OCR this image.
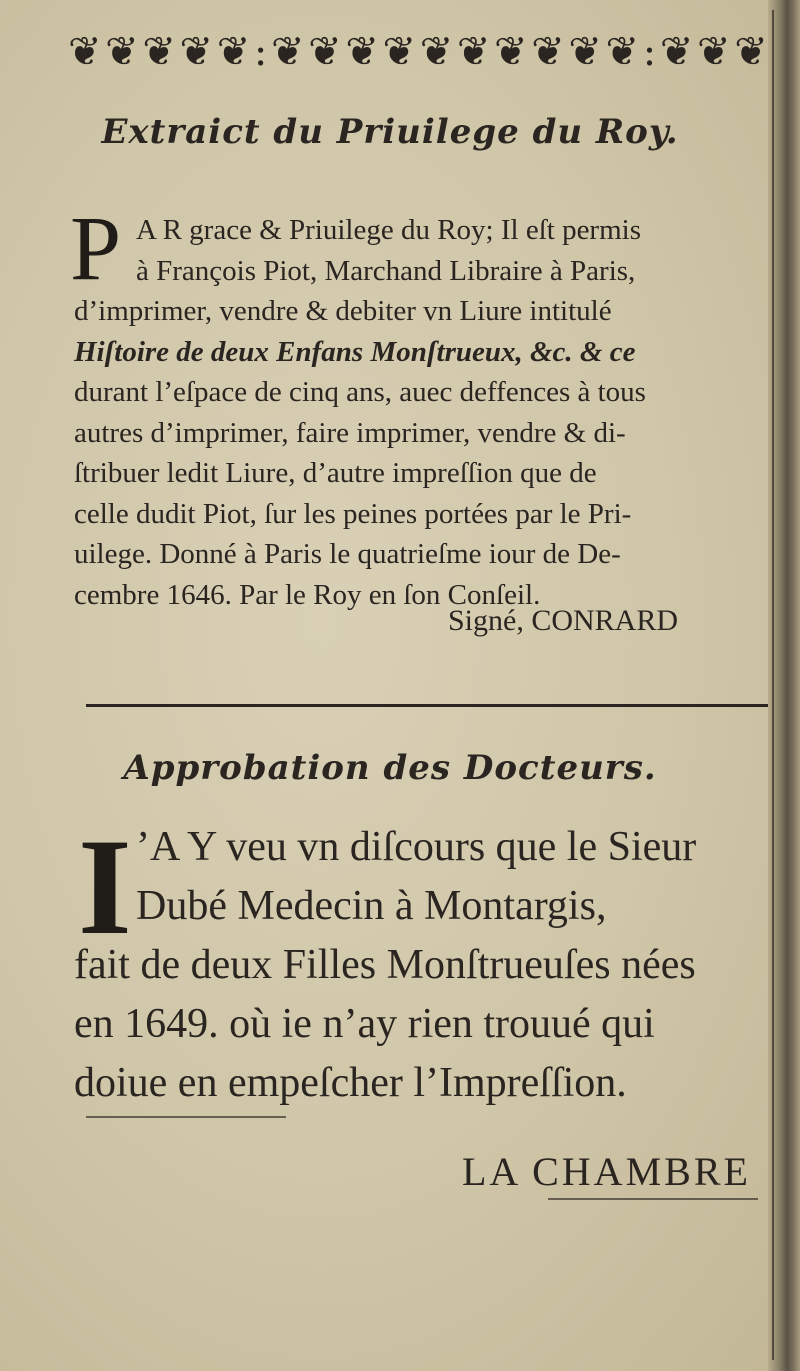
❦ ❦ ❦ ❦ ❦ : ❦ ❦ ❦ ❦ ❦ ❦ ❦ ❦ ❦ ❦ : ❦ ❦ ❦
Extraict du Priuilege du Roy.
P A R grace & Priuilege du Roy; Il eſt permis
à François Piot, Marchand Libraire à Paris,
d’imprimer, vendre & debiter vn Liure intitulé
Hiſtoire de deux Enfans Monſtrueux, &c. & ce
durant l’eſpace de cinq ans, auec deffences à tous
autres d’imprimer, faire imprimer, vendre & di-
ſtribuer ledit Liure, d’autre impreſſion que de
celle dudit Piot, ſur les peines portées par le Pri-
uilege. Donné à Paris le quatrieſme iour de De-
cembre 1646. Par le Roy en ſon Conſeil.
Signé, CONRARD
Approbation des Docteurs.
I ’A Y veu vn diſcours que le Sieur
Dubé Medecin à Montargis,
fait de deux Filles Monſtrueuſes nées
en 1649. où ie n’ay rien trouué qui
doiue en empeſcher l’Impreſſion.
LA CHAMBRE
